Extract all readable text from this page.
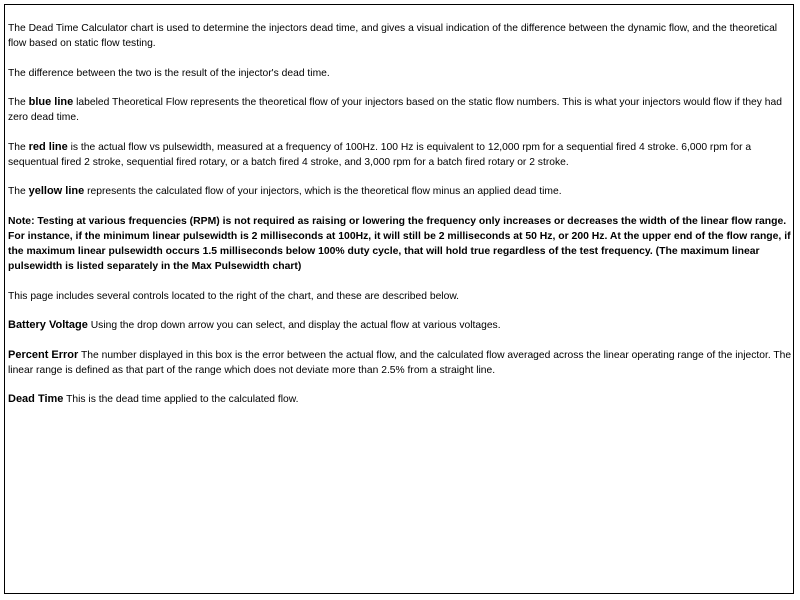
The Dead Time Calculator chart is used to determine the injectors dead time, and gives a visual indication of the difference between the dynamic flow, and the theoretical flow based on static flow testing.

The difference between the two is the result of the injector's dead time.

The blue line labeled Theoretical Flow represents the theoretical flow of your injectors based on the static flow numbers. This is what your injectors would flow if they had zero dead time.

The red line is the actual flow vs pulsewidth, measured at a frequency of 100Hz. 100 Hz is equivalent to 12,000 rpm for a sequential fired 4 stroke. 6,000 rpm for a sequentual fired 2 stroke, sequential fired rotary, or a batch fired 4 stroke, and 3,000 rpm for a batch fired rotary or 2 stroke.

The yellow line represents the calculated flow of your injectors, which is the theoretical flow minus an applied dead time.

Note: Testing at various frequencies (RPM) is not required as raising or lowering the frequency only increases or decreases the width of the linear flow range. For instance, if the minimum linear pulsewidth is 2 milliseconds at 100Hz, it will still be 2 milliseconds at 50 Hz, or 200 Hz. At the upper end of the flow range, if the maximum linear pulsewidth occurs 1.5 milliseconds below 100% duty cycle, that will hold true regardless of the test frequency. (The maximum linear pulsewidth is listed separately in the Max Pulsewidth chart)

This page includes several controls located to the right of the chart, and these are described below.

Battery Voltage Using the drop down arrow you can select, and display the actual flow at various voltages.

Percent Error The number displayed in this box is the error between the actual flow, and the calculated flow averaged across the linear operating range of the injector. The linear range is defined as that part of the range which does not deviate more than 2.5% from a straight line.

Dead Time This is the dead time applied to the calculated flow.
